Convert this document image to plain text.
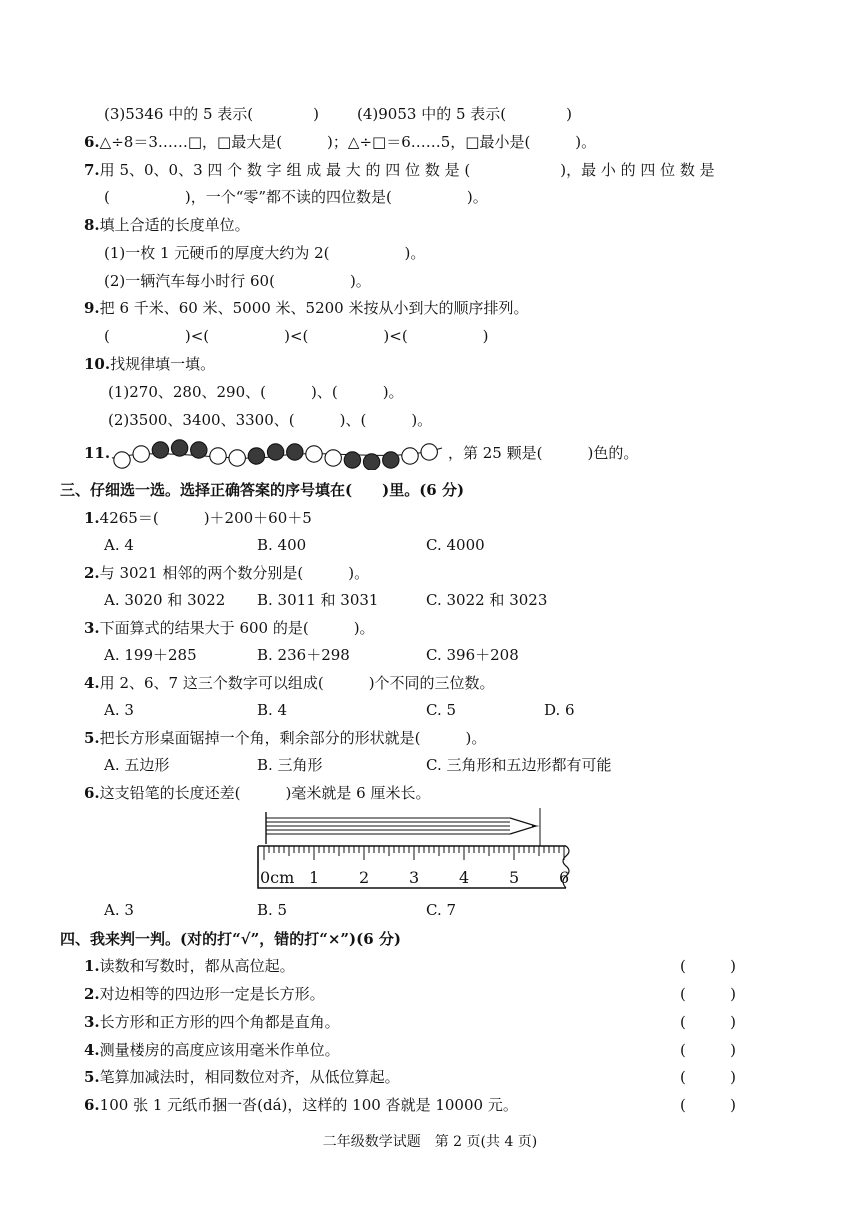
(3)5346 中的 5 表示(　　　　)	(4)9053 中的 5 表示(　　　　)
6.△÷8＝3……□，□最大是(　　　)；△÷□＝6……5，□最小是(　　　)。
7.用 5、0、0、3 四 个 数 字 组 成 最 大 的 四 位 数 是 (　　　　　　)，最 小 的 四 位 数 是
(　　　　　)，一个“零”都不读的四位数是(　　　　　)。
8.填上合适的长度单位。
(1)一枚 1 元硬币的厚度大约为 2(　　　　　)。
(2)一辆汽车每小时行 60(　　　　　)。
9.把 6 千米、60 米、5000 米、5200 米按从小到大的顺序排列。
(　　　　　)<(　　　　　)<(　　　　　)<(　　　　　)
10.找规律填一填。
(1)270、280、290、(　　　)、(　　　)。
(2)3500、3400、3300、(　　　)、(　　　)。
11.	，第 25 颗是(　　　)色的。
三、仔细选一选。选择正确答案的序号填在(　　)里。(6 分)
1.4265＝(　　　)＋200＋60＋5
A. 4	B. 400	C. 4000
2.与 3021 相邻的两个数分别是(　　　)。
A. 3020 和 3022 B. 3011 和 3031	C. 3022 和 3023
3.下面算式的结果大于 600 的是(　　　)。
A. 199＋285	B. 236＋298	C. 396＋208
4.用 2、6、7 这三个数字可以组成(　　　)个不同的三位数。
A. 3	B. 4	C. 5	D. 6
5.把长方形桌面锯掉一个角，剩余部分的形状就是(　　　)。
A. 五边形	B. 三角形	C. 三角形和五边形都有可能
6.这支铅笔的长度还差(　　　)毫米就是 6 厘米长。
A. 3	B. 5	C. 7
0cm 1 2 3 4 5 6
四、我来判一判。(对的打“√”，错的打“×”)(6 分)
1.读数和写数时，都从高位起。	(	)
2.对边相等的四边形一定是长方形。	(	)
3.长方形和正方形的四个角都是直角。	(	)
4.测量楼房的高度应该用毫米作单位。	(	)
5.笔算加减法时，相同数位对齐，从低位算起。	(	)
6.100 张 1 元纸币捆一沓(dá)，这样的 100 沓就是 10000 元。	(	)
二年级数学试题　第 2 页(共 4 页)
